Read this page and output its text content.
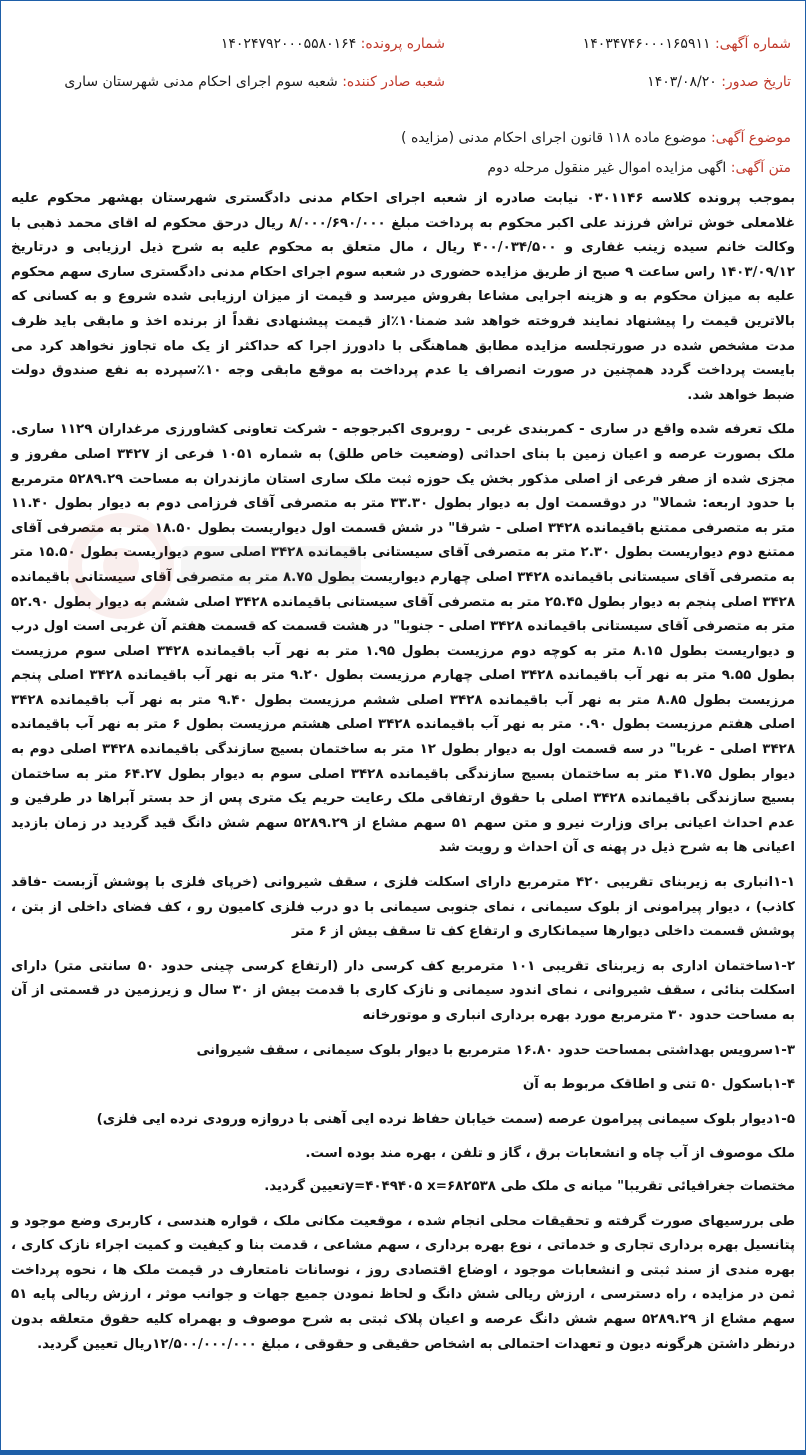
شماره آگهی: ۱۴۰۳۴۷۴۶۰۰۰۱۶۵۹۱۱
شماره پرونده: ۱۴۰۲۴۷۹۲۰۰۰۵۵۸۰۱۶۴
تاریخ صدور: ۱۴۰۳/۰۸/۲۰
شعبه صادر کننده: شعبه سوم اجرای احکام مدنی شهرستان ساری
موضوع آگهی: موضوع ماده ۱۱۸ قانون اجرای احکام مدنی (مزایده )
متن آگهی: اگهی مزایده اموال غیر منقول مرحله دوم

بموجب پرونده کلاسه ۰۳۰۱۱۴۶ نیابت صادره از شعبه اجرای احکام مدنی دادگستری شهرستان بهشهر محکوم علیه غلامعلی خوش تراش فرزند علی اکبر محکوم به پرداخت مبلغ ۸/۰۰۰/۶۹۰/۰۰۰ ریال درحق محکوم له اقای محمد ذهبی با وکالت خانم سیده زینب غفاری و ۴۰۰/۰۳۴/۵۰۰ ریال ، مال متعلق به محکوم علیه به شرح ذیل ارزیابی و درتاریخ ۱۴۰۳/۰۹/۱۲ راس ساعت ۹ صبح از طریق مزایده حضوری در شعبه سوم اجرای احکام مدنی دادگستری ساری سهم محکوم علیه به میزان محکوم به و هزینه اجرایی مشاعا بفروش میرسد و قیمت از میزان ارزیابی شده شروع و به کسانی که بالاترین قیمت را پیشنهاد نمایند فروخته خواهد شد ضمنا۱۰٪از قیمت پیشنهادی نقداً از برنده اخذ و مابقی باید ظرف مدت مشخص شده در صورتجلسه مزایده مطابق هماهنگی با دادورز اجرا که حداکثر از یک ماه تجاوز نخواهد کرد می بایست پرداخت گردد همچنین در صورت انصراف یا عدم پرداخت به موقع مابقی وجه ۱۰٪سپرده به نفع صندوق دولت ضبط خواهد شد.

ملک تعرفه شده واقع در ساری - کمربندی غربی - روبروی اکبرجوجه - شرکت تعاونی کشاورزی مرغداران ۱۱۲۹ ساری. ملک بصورت عرصه و اعیان زمین با بنای احداثی (وضعیت خاص طلق) به شماره ۱۰۵۱ فرعی از ۳۴۲۷ اصلی مفروز و مجزی شده از صفر فرعی از اصلی مذکور بخش یک حوزه ثبت ملک ساری استان مازندران به مساحت ۵۲۸۹.۲۹ مترمربع با حدود اربعه: شمالا" در دوقسمت اول به دیوار بطول ۳۳.۳۰ متر به متصرفی آقای فرزامی دوم به دیوار بطول ۱۱.۴۰ متر به متصرفی ممتنع باقیمانده ۳۴۲۸ اصلی - شرقا" در شش قسمت اول دیواریست بطول ۱۸.۵۰ متر به متصرفی آقای ممتنع دوم دیواریست بطول ۲.۳۰ متر به متصرفی آقای سیستانی باقیمانده ۳۴۲۸ اصلی سوم دیواریست بطول ۱۵.۵۰ متر به متصرفی آقای سیستانی باقیمانده ۳۴۲۸ اصلی چهارم دیواریست بطول ۸.۷۵ متر به متصرفی آقای سیستانی باقیمانده ۳۴۲۸ اصلی پنجم به دیوار بطول ۲۵.۴۵ متر به متصرفی آقای سیستانی باقیمانده ۳۴۲۸ اصلی ششم به دیوار بطول ۵۲.۹۰ متر به متصرفی آقای سیستانی باقیمانده ۳۴۲۸ اصلی - جنوبا" در هشت قسمت که قسمت هفتم آن غربی است اول درب و دیواریست بطول ۸.۱۵ متر به کوچه دوم مرزیست بطول ۱.۹۵ متر به نهر آب باقیمانده ۳۴۲۸ اصلی سوم مرزیست بطول ۹.۵۵ متر به نهر آب باقیمانده ۳۴۲۸ اصلی چهارم مرزیست بطول ۹.۲۰ متر به نهر آب باقیمانده ۳۴۲۸ اصلی پنجم مرزیست بطول ۸.۸۵ متر به نهر آب باقیمانده ۳۴۲۸ اصلی ششم مرزیست بطول ۹.۴۰ متر به نهر آب باقیمانده ۳۴۲۸ اصلی هفتم مرزیست بطول ۰.۹۰ متر به نهر آب باقیمانده ۳۴۲۸ اصلی هشتم مرزیست بطول ۶ متر به نهر آب باقیمانده ۳۴۲۸ اصلی - غربا" در سه قسمت اول به دیوار بطول ۱۲ متر به ساختمان بسیج سازندگی باقیمانده ۳۴۲۸ اصلی دوم به دیوار بطول ۴۱.۷۵ متر به ساختمان بسیج سازندگی باقیمانده ۳۴۲۸ اصلی سوم به دیوار بطول ۶۴.۲۷ متر به ساختمان بسیج سازندگی باقیمانده ۳۴۲۸ اصلی با حقوق ارتفاقی ملک رعایت حریم یک متری پس از حد بستر آبراها در طرفین و عدم احداث اعیانی برای وزارت نیرو و متن سهم ۵۱ سهم مشاع از ۵۲۸۹.۲۹ سهم شش دانگ قید گردید در زمان بازدید اعیانی ها به شرح ذیل در پهنه ی آن احداث و رویت شد

۱-۱انباری به زیربنای تقریبی ۴۲۰ مترمربع دارای اسکلت فلزی ، سقف شیروانی (خرپای فلزی با پوشش آزبست -فاقد کاذب) ، دیوار پیرامونی از بلوک سیمانی ، نمای جنوبی سیمانی با دو درب فلزی کامیون رو ، کف فضای داخلی از بتن ، پوشش قسمت داخلی دیوارها سیمانکاری و ارتفاع کف تا سقف بیش از ۶ متر

۱-۲ساختمان اداری به زیربنای تقریبی ۱۰۱ مترمربع کف کرسی دار (ارتفاع کرسی چینی حدود ۵۰ سانتی متر) دارای اسکلت بنائی ، سقف شیروانی ، نمای اندود سیمانی و نازک کاری با قدمت بیش از ۳۰ سال و زیرزمین در قسمتی از آن به مساحت حدود ۳۰ مترمربع مورد بهره برداری انباری و موتورخانه

۱-۳سرویس بهداشتی بمساحت حدود ۱۶.۸۰ مترمربع با دیوار بلوک سیمانی ، سقف شیروانی

۱-۴باسکول ۵۰ تنی و اطاقک مربوط به آن

۱-۵دیوار بلوک سیمانی پیرامون عرصه (سمت خیابان حفاظ نرده ایی آهنی با دروازه ورودی نرده ایی فلزی)

ملک موصوف از آب چاه و انشعابات برق ، گاز و تلفن ، بهره مند بوده است.

مختصات جغرافیائی تقریبا" میانه ی ملک طی y=۴۰۴۹۴۰۵ x=۶۸۲۵۳۸تعیین گردید.

طی بررسیهای صورت گرفته و تحقیقات محلی انجام شده ، موقعیت مکانی ملک ، قواره هندسی ، کاربری وضع موجود و پتانسیل بهره برداری تجاری و خدماتی ، نوع بهره برداری ، سهم مشاعی ، قدمت بنا و کیفیت و کمیت اجراء نازک کاری ، بهره مندی از سند ثبتی و انشعابات موجود ، اوضاع اقتصادی روز ، نوسانات نامتعارف در قیمت ملک ها ، نحوه پرداخت ثمن در مزایده ، راه دسترسی ، ارزش ریالی شش دانگ و لحاظ نمودن جمیع جهات و جوانب موثر ، ارزش ریالی پایه ۵۱ سهم مشاع از ۵۲۸۹.۲۹ سهم شش دانگ عرصه و اعیان پلاک ثبتی به شرح موصوف و بهمراه کلیه حقوق متعلقه بدون درنظر داشتن هرگونه دیون و تعهدات احتمالی به اشخاص حقیقی و حقوقی ، مبلغ ۱۲/۵۰۰/۰۰۰/۰۰۰ریال تعیین گردید.
